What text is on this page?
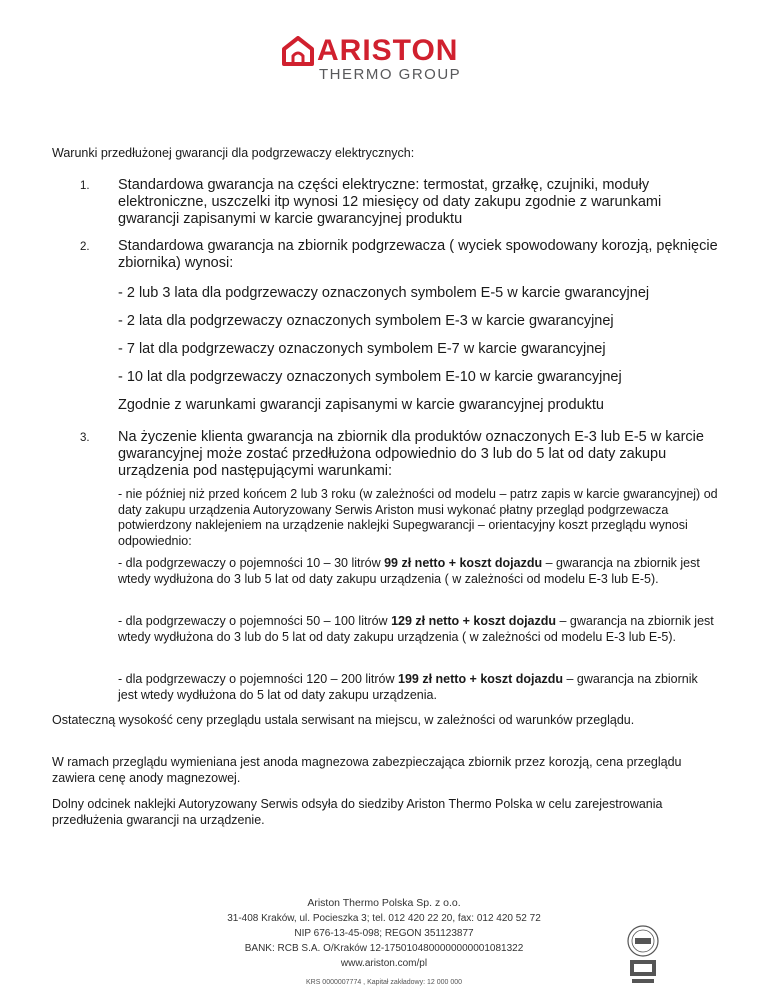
ARISTON
THERMO GROUP
Warunki przedłużonej gwarancji dla podgrzewaczy elektrycznych:
1. Standardowa gwarancja na części elektryczne: termostat, grzałkę, czujniki, moduły elektroniczne, uszczelki itp wynosi 12 miesięcy od daty zakupu zgodnie z warunkami gwarancji zapisanymi w karcie gwarancyjnej produktu
2. Standardowa gwarancja na zbiornik podgrzewacza ( wyciek spowodowany korozją, pęknięcie zbiornika) wynosi:
- 2 lub 3 lata dla podgrzewaczy oznaczonych symbolem E-5 w karcie gwarancyjnej
- 2 lata dla podgrzewaczy oznaczonych symbolem E-3 w karcie gwarancyjnej
- 7 lat dla podgrzewaczy oznaczonych symbolem E-7 w karcie gwarancyjnej
- 10 lat dla podgrzewaczy oznaczonych symbolem E-10 w karcie gwarancyjnej
Zgodnie z warunkami gwarancji zapisanymi w karcie gwarancyjnej produktu
3. Na życzenie klienta gwarancja na zbiornik dla produktów oznaczonych E-3 lub E-5 w karcie gwarancyjnej może zostać przedłużona odpowiednio do 3 lub do 5 lat od daty zakupu urządzenia pod następującymi warunkami:
- nie później niż przed końcem 2 lub 3 roku (w zależności od modelu – patrz zapis w karcie gwarancyjnej) od daty zakupu urządzenia Autoryzowany Serwis Ariston musi wykonać płatny przegląd podgrzewacza potwierdzony naklejeniem na urządzenie naklejki Supegwarancji – orientacyjny koszt przeglądu wynosi odpowiednio:
- dla podgrzewaczy o pojemności 10 – 30 litrów 99 zł netto + koszt dojazdu – gwarancja na zbiornik jest wtedy wydłużona do 3 lub 5 lat od daty zakupu urządzenia ( w zależności od modelu E-3 lub E-5).
- dla podgrzewaczy o pojemności 50 – 100 litrów 129 zł netto + koszt dojazdu – gwarancja na zbiornik jest wtedy wydłużona do 3 lub do 5 lat od daty zakupu urządzenia ( w zależności od modelu E-3 lub E-5).
- dla podgrzewaczy o pojemności 120 – 200 litrów 199 zł netto + koszt dojazdu – gwarancja na zbiornik jest wtedy wydłużona do 5 lat od daty zakupu urządzenia.
Ostateczną wysokość ceny przeglądu ustala serwisant na miejscu, w zależności od warunków przeglądu.
W ramach przeglądu wymieniana jest anoda magnezowa zabezpieczająca zbiornik przez korozją, cena przeglądu zawiera cenę anody magnezowej.
Dolny odcinek naklejki Autoryzowany Serwis odsyła do siedziby Ariston Thermo Polska w celu zarejestrowania przedłużenia gwarancji na urządzenie.
Ariston Thermo Polska Sp. z o.o.
31-408 Kraków, ul. Pocieszka 3; tel. 012 420 22 20, fax: 012 420 52 72
NIP 676-13-45-098; REGON 351123877
BANK: RCB S.A. O/Kraków 12-1750104800000000001081322
www.ariston.com/pl
KRS 0000007774 , Kapitał zakładowy: 12 000 000
